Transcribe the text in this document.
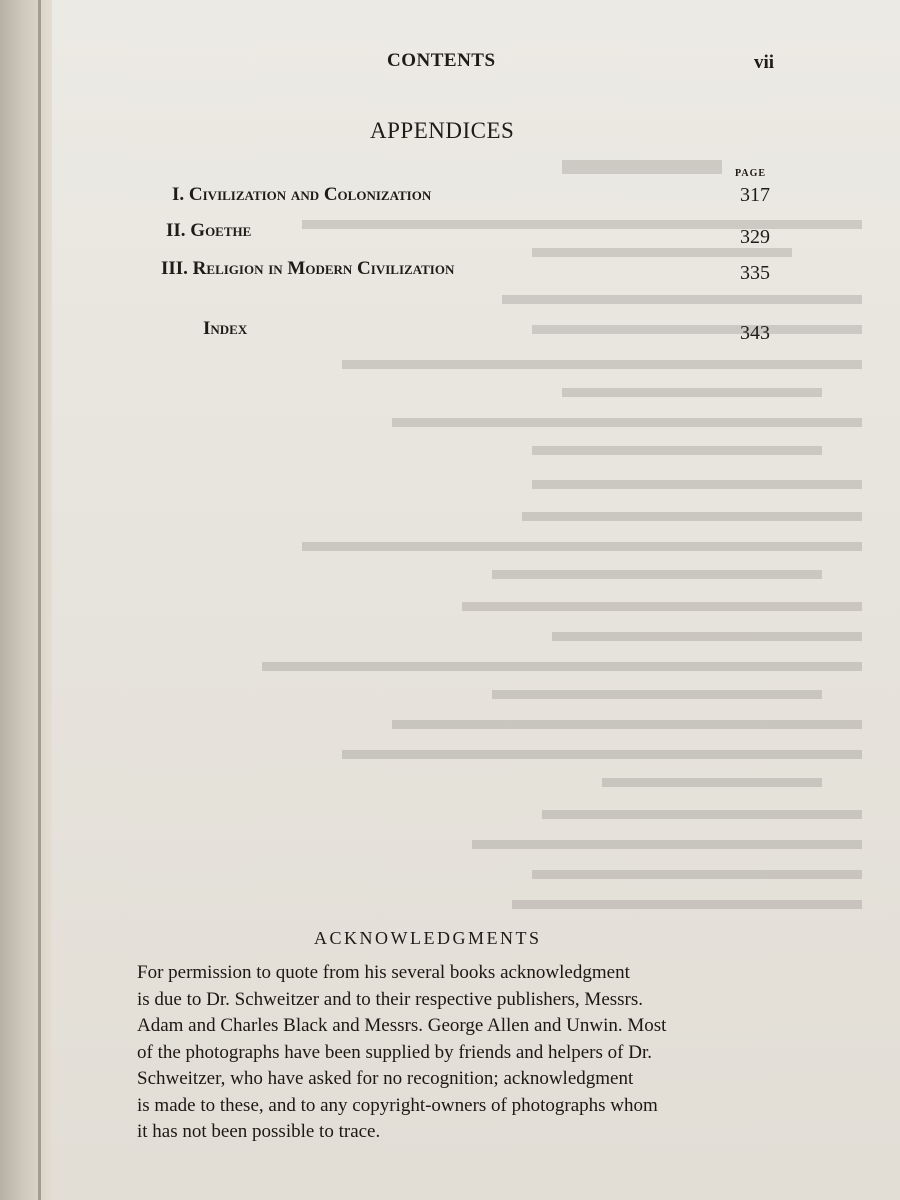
CONTENTS	vii
APPENDICES
PAGE
I. Civilization and Colonization	317
II. Goethe	329
III. Religion in Modern Civilization	335
Index	343
ACKNOWLEDGMENTS
For permission to quote from his several books acknowledgment
is due to Dr. Schweitzer and to their respective publishers, Messrs.
Adam and Charles Black and Messrs. George Allen and Unwin. Most
of the photographs have been supplied by friends and helpers of Dr.
Schweitzer, who have asked for no recognition; acknowledgment
is made to these, and to any copyright-owners of photographs whom
it has not been possible to trace.
